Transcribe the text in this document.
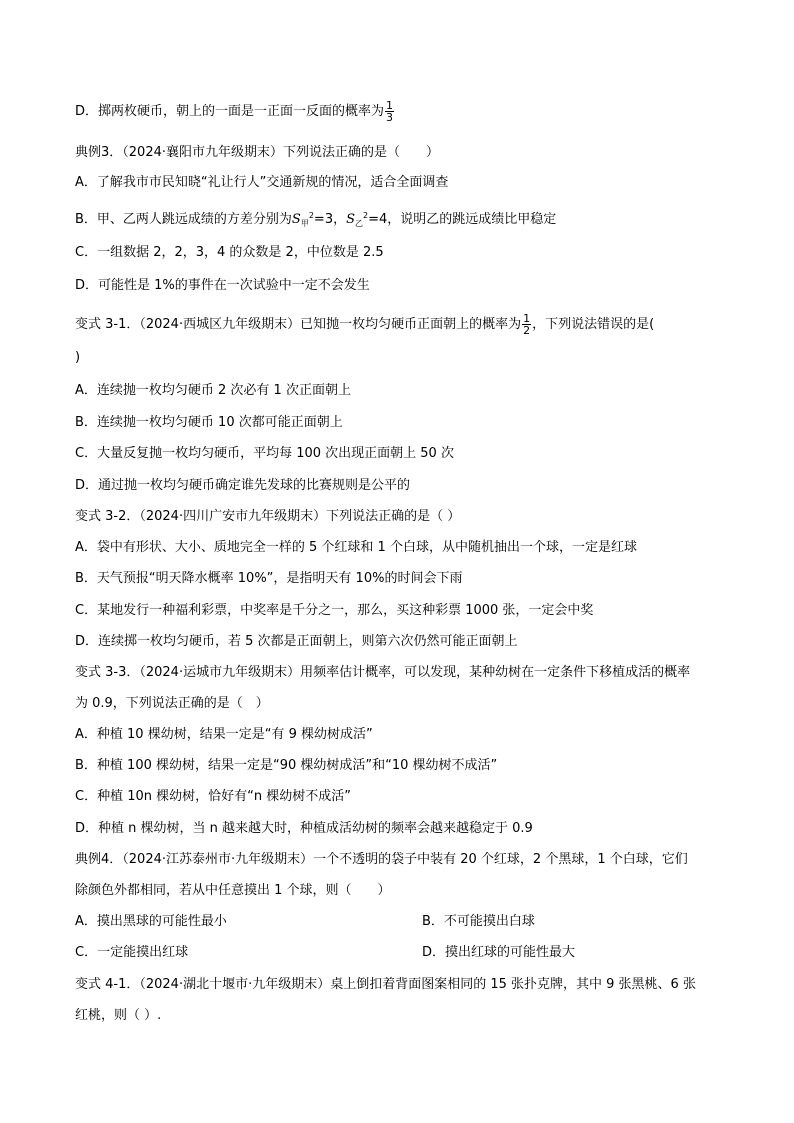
D．掷两枚硬币，朝上的一面是一正面一反面的概率为 $\frac{1}{3}$
典例3．（2024·襄阳市九年级期末）下列说法正确的是（　　）
A．了解我市市民知晓“礼让行人”交通新规的情况，适合全面调查
B．甲、乙两人跳远成绩的方差分别为$S_甲^2=3$，$S_乙^2=4$，说明乙的跳远成绩比甲稳定
C．一组数据 2，2，3，4 的众数是 2，中位数是 2.5
D．可能性是 1%的事件在一次试验中一定不会发生
变式 3-1．（2024·西城区九年级期末）已知抛一枚均匀硬币正面朝上的概率为 $\frac{1}{2}$ ，下列说法错误的是(
)
A．连续抛一枚均匀硬币 2 次必有 1 次正面朝上
B．连续抛一枚均匀硬币 10 次都可能正面朝上
C．大量反复抛一枚均匀硬币，平均每 100 次出现正面朝上 50 次
D．通过抛一枚均匀硬币确定谁先发球的比赛规则是公平的
变式 3-2．（2024·四川广安市九年级期末）下列说法正确的是（ ）
A．袋中有形状、大小、质地完全一样的 5 个红球和 1 个白球，从中随机抽出一个球，一定是红球
B．天气预报“明天降水概率 10%”，是指明天有 10%的时间会下雨
C．某地发行一种福利彩票，中奖率是千分之一，那么，买这种彩票 1000 张，一定会中奖
D．连续掷一枚均匀硬币，若 5 次都是正面朝上，则第六次仍然可能正面朝上
变式 3-3．（2024·运城市九年级期末）用频率估计概率，可以发现，某种幼树在一定条件下移植成活的概率
为 0.9，下列说法正确的是（　）
A．种植 10 棵幼树，结果一定是“有 9 棵幼树成活”
B．种植 100 棵幼树，结果一定是“90 棵幼树成活”和“10 棵幼树不成活”
C．种植 10n 棵幼树，恰好有“n 棵幼树不成活”
D．种植 n 棵幼树，当 n 越来越大时，种植成活幼树的频率会越来越稳定于 0.9
典例4．（2024·江苏泰州市·九年级期末）一个不透明的袋子中装有 20 个红球，2 个黑球，1 个白球，它们
除颜色外都相同，若从中任意摸出 1 个球，则（　　）
A．摸出黑球的可能性最小	B．不可能摸出白球
C．一定能摸出红球	D．摸出红球的可能性最大
变式 4-1．（2024·湖北十堰市·九年级期末）桌上倒扣着背面图案相同的 15 张扑克牌，其中 9 张黑桃、6 张
红桃，则（ ）.
